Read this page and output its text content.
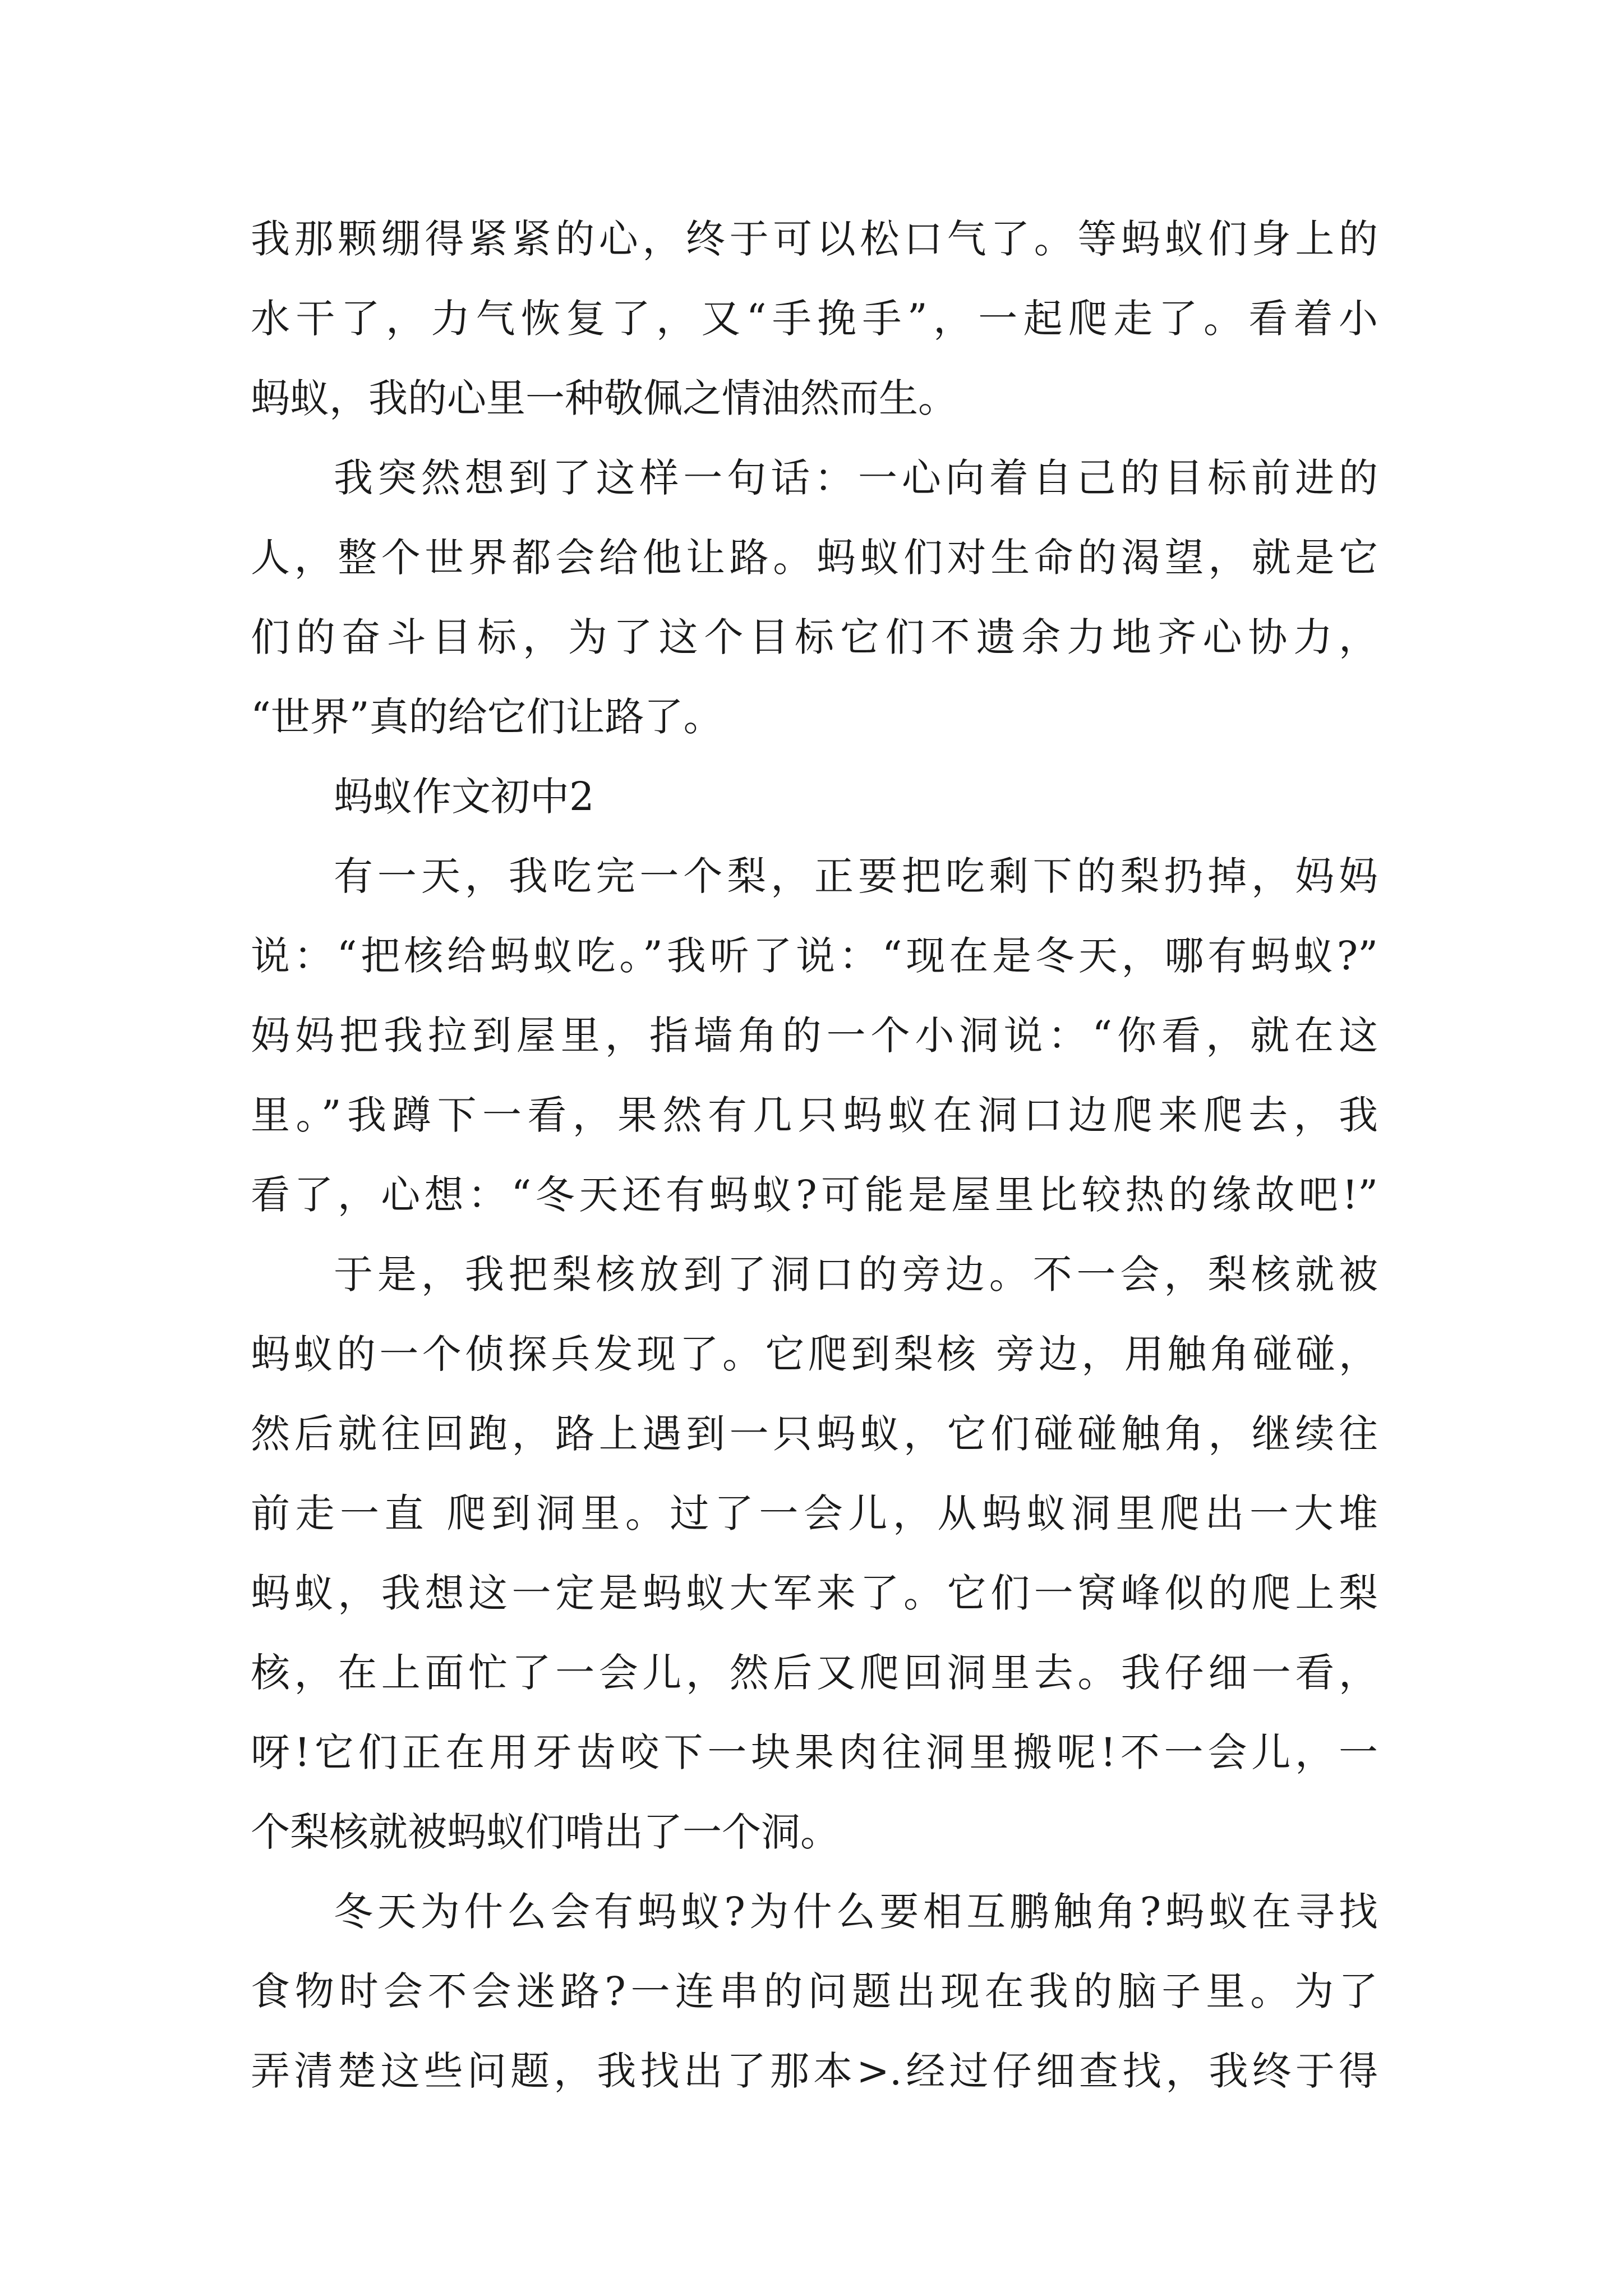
我那颗绷得紧紧的心，终于可以松口气了。等蚂蚁们身上的
水干了，力气恢复了，又“手挽手”，一起爬走了。看着小
蚂蚁，我的心里一种敬佩之情油然而生。
我突然想到了这样一句话：一心向着自己的目标前进的
人，整个世界都会给他让路。蚂蚁们对生命的渴望，就是它
们的奋斗目标，为了这个目标它们不遗余力地齐心协力，
“世界”真的给它们让路了。
蚂蚁作文初中2
有一天，我吃完一个梨，正要把吃剩下的梨扔掉，妈妈
说：“把核给蚂蚁吃。”我听了说：“现在是冬天，哪有蚂蚁?”
妈妈把我拉到屋里，指墙角的一个小洞说：“你看，就在这
里。”我蹲下一看，果然有几只蚂蚁在洞口边爬来爬去，我
看了，心想：“冬天还有蚂蚁?可能是屋里比较热的缘故吧!”
于是，我把梨核放到了洞口的旁边。不一会，梨核就被
蚂蚁的一个侦探兵发现了。它爬到梨核 旁边，用触角碰碰，
然后就往回跑，路上遇到一只蚂蚁，它们碰碰触角，继续往
前走一直 爬到洞里。过了一会儿，从蚂蚁洞里爬出一大堆
蚂蚁，我想这一定是蚂蚁大军来了。它们一窝峰似的爬上梨
核，在上面忙了一会儿，然后又爬回洞里去。我仔细一看，
呀!它们正在用牙齿咬下一块果肉往洞里搬呢!不一会儿，一
个梨核就被蚂蚁们啃出了一个洞。
冬天为什么会有蚂蚁?为什么要相互鹏触角?蚂蚁在寻找
食物时会不会迷路?一连串的问题出现在我的脑子里。为了
弄清楚这些问题，我找出了那本>.经过仔细查找，我终于得
